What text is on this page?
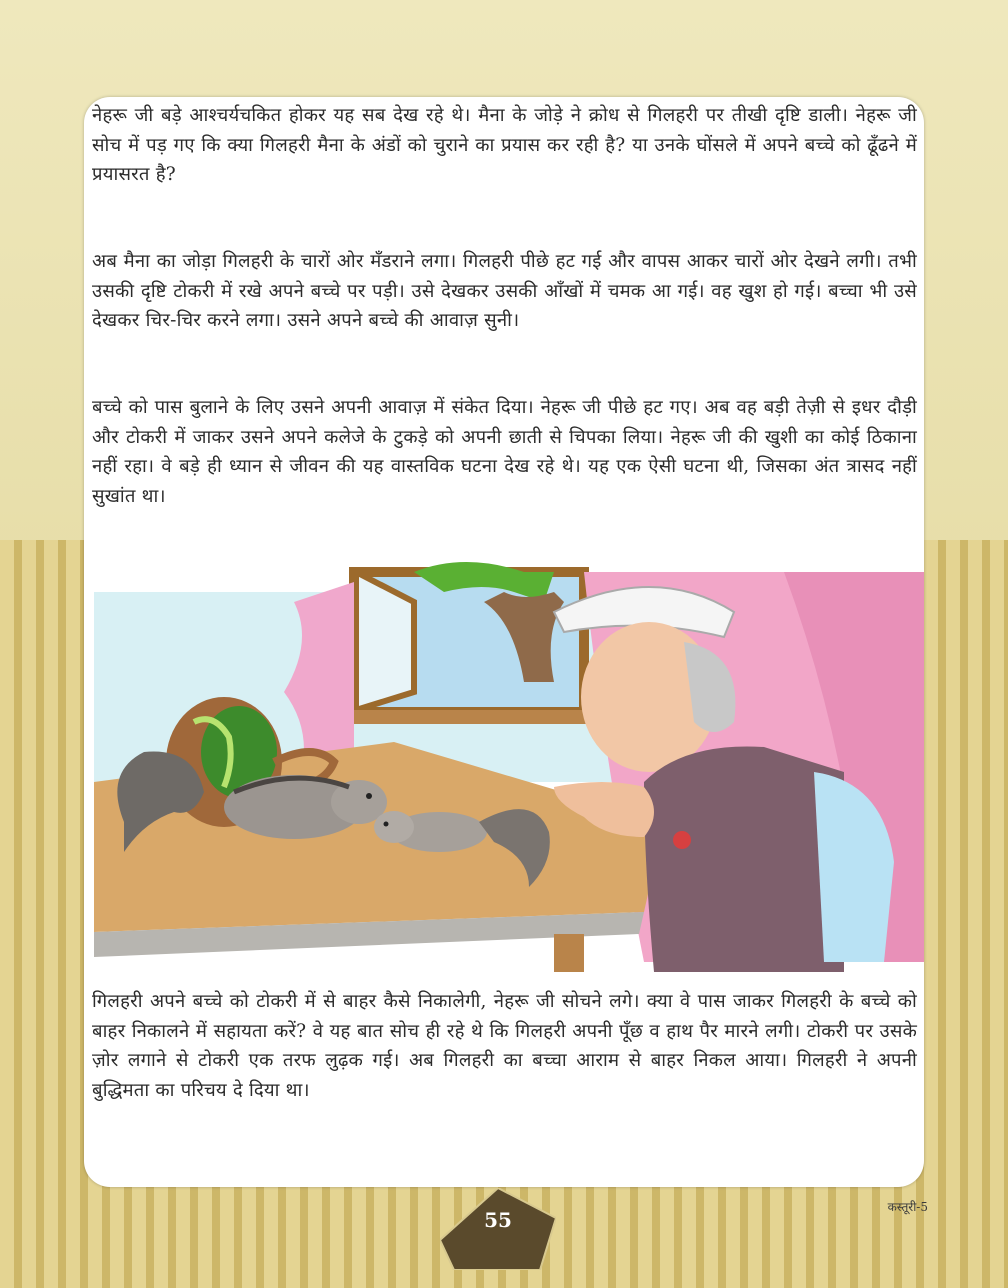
नेहरू जी बड़े आश्चर्यचकित होकर यह सब देख रहे थे। मैना के जोड़े ने क्रोध से गिलहरी पर तीखी दृष्टि डाली। नेहरू जी सोच में पड़ गए कि क्या गिलहरी मैना के अंडों को चुराने का प्रयास कर रही है? या उनके घोंसले में अपने बच्चे को ढूँढने में प्रयासरत है?

अब मैना का जोड़ा गिलहरी के चारों ओर मँडराने लगा। गिलहरी पीछे हट गई और वापस आकर चारों ओर देखने लगी। तभी उसकी दृष्टि टोकरी में रखे अपने बच्चे पर पड़ी। उसे देखकर उसकी आँखों में चमक आ गई। वह खुश हो गई। बच्चा भी उसे देखकर चिर-चिर करने लगा। उसने अपने बच्चे की आवाज़ सुनी।

बच्चे को पास बुलाने के लिए उसने अपनी आवाज़ में संकेत दिया। नेहरू जी पीछे हट गए। अब वह बड़ी तेज़ी से इधर दौड़ी और टोकरी में जाकर उसने अपने कलेजे के टुकड़े को अपनी छाती से चिपका लिया। नेहरू जी की खुशी का कोई ठिकाना नहीं रहा। वे बड़े ही ध्यान से जीवन की यह वास्तविक घटना देख रहे थे। यह एक ऐसी घटना थी, जिसका अंत त्रासद नहीं सुखांत था।

गिलहरी अपने बच्चे को टोकरी में से बाहर कैसे निकालेगी, नेहरू जी सोचने लगे। क्या वे पास जाकर गिलहरी के बच्चे को बाहर निकालने में सहायता करें? वे यह बात सोच ही रहे थे कि गिलहरी अपनी पूँछ व हाथ पैर मारने लगी। टोकरी पर उसके ज़ोर लगाने से टोकरी एक तरफ लुढ़क गई। अब गिलहरी का बच्चा आराम से बाहर निकल आया। गिलहरी ने अपनी बुद्धिमता का परिचय दे दिया था।

55
कस्तूरी-5
